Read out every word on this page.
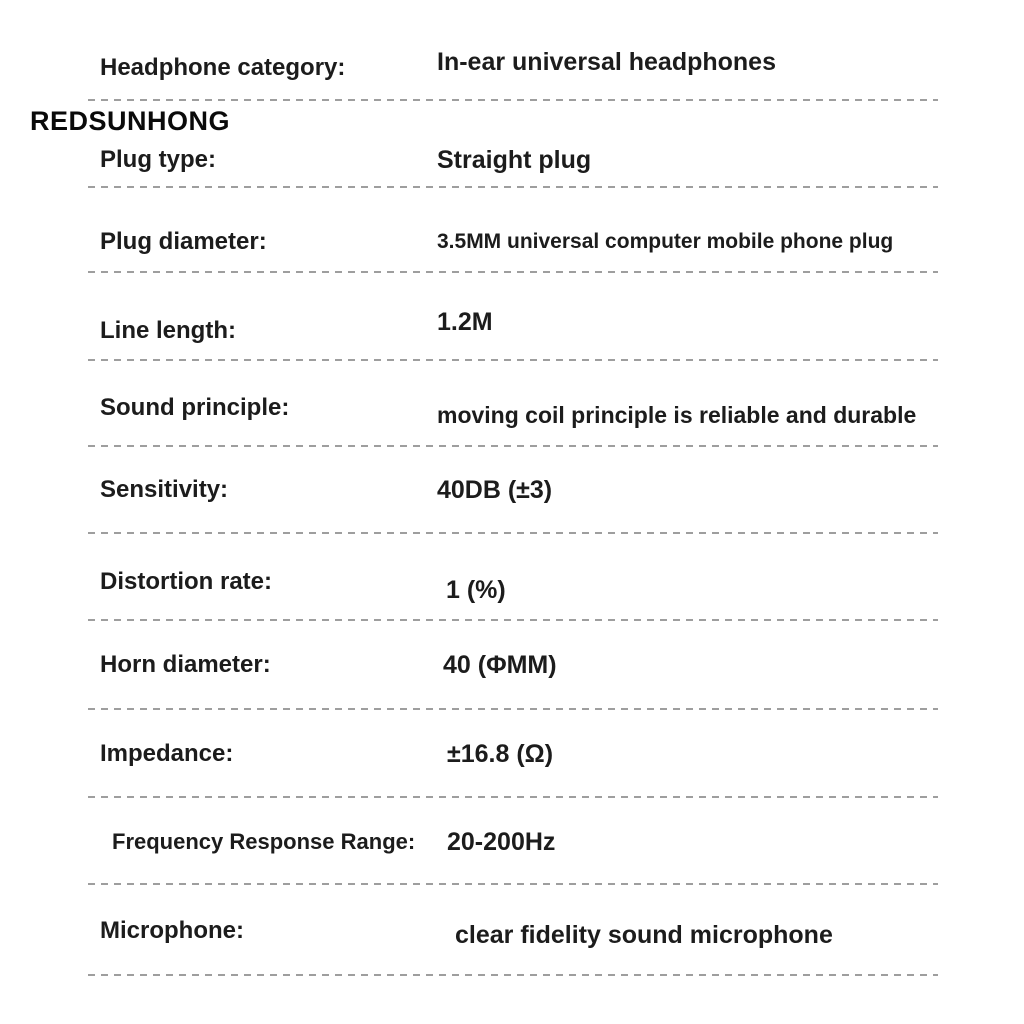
REDSUNHONG
Headphone category:	In-ear universal headphones
Plug type:	Straight plug
Plug diameter:	3.5MM universal computer mobile phone plug
Line length:	1.2M
Sound principle:	moving coil principle is reliable and durable
Sensitivity:	40DB (±3)
Distortion rate:	1 (%)
Horn diameter:	40 (ΦMM)
Impedance:	±16.8 (Ω)
Frequency Response Range: 20-200Hz
Microphone:	clear fidelity sound microphone
